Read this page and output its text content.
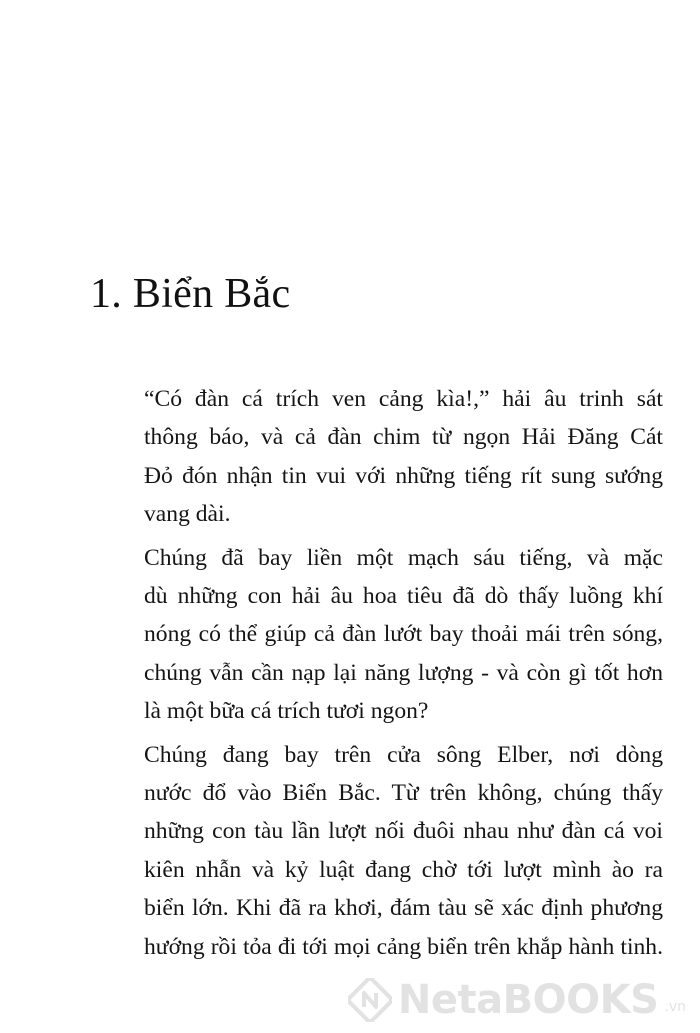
1. Biển Bắc

“Có đàn cá trích ven cảng kìa!,” hải âu trinh sát
thông báo, và cả đàn chim từ ngọn Hải Đăng Cát
Đỏ đón nhận tin vui với những tiếng rít sung sướng
vang dài.

Chúng đã bay liền một mạch sáu tiếng, và mặc
dù những con hải âu hoa tiêu đã dò thấy luồng khí
nóng có thể giúp cả đàn lướt bay thoải mái trên sóng,
chúng vẫn cần nạp lại năng lượng - và còn gì tốt hơn
là một bữa cá trích tươi ngon?

Chúng đang bay trên cửa sông Elber, nơi dòng
nước đổ vào Biển Bắc. Từ trên không, chúng thấy
những con tàu lần lượt nối đuôi nhau như đàn cá voi
kiên nhẫn và kỷ luật đang chờ tới lượt mình ào ra
biển lớn. Khi đã ra khơi, đám tàu sẽ xác định phương
hướng rồi tỏa đi tới mọi cảng biển trên khắp hành tinh.

NetaBOOKS .vn
